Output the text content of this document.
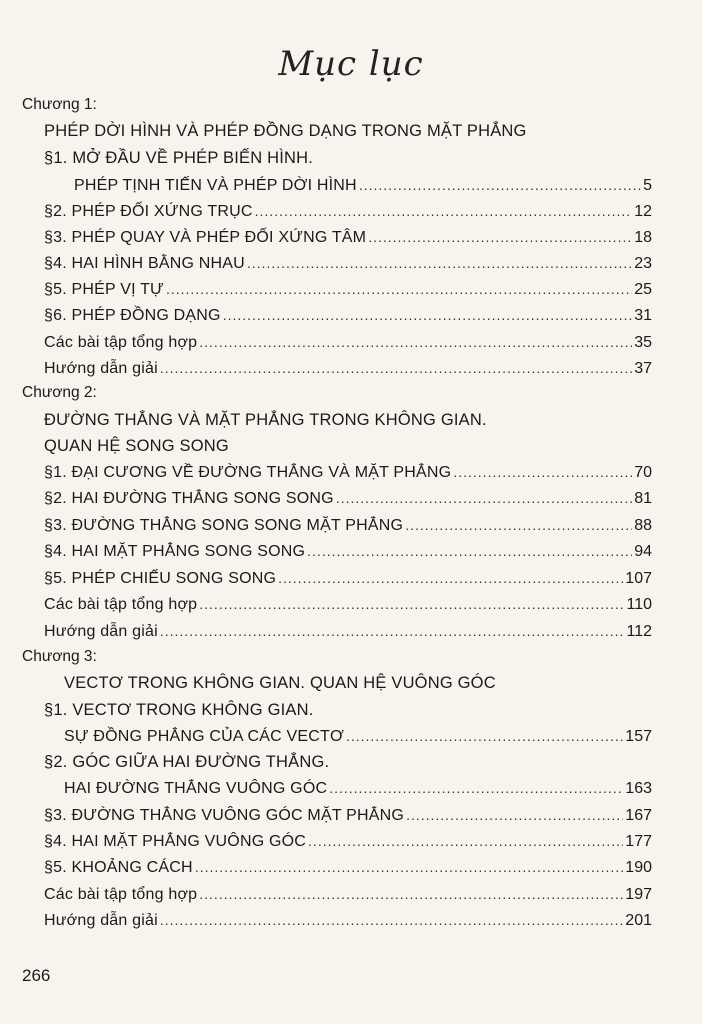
Mục lục
Chương 1:
PHÉP DỜI HÌNH VÀ PHÉP ĐỒNG DẠNG TRONG MẶT PHẲNG
§1. MỞ ĐẦU VỀ PHÉP BIẾN HÌNH.
PHÉP TỊNH TIẾN VÀ PHÉP DỜI HÌNH .....	5
§2. PHÉP ĐỐI XỨNG TRỤC .....	12
§3. PHÉP QUAY VÀ PHÉP ĐỐI XỨNG TÂM .....	18
§4. HAI HÌNH BẰNG NHAU .....	23
§5. PHÉP VỊ TỰ .....	25
§6. PHÉP ĐỒNG DẠNG .....	31
Các bài tập tổng hợp .....	35
Hướng dẫn giải .....	37
Chương 2:
ĐƯỜNG THẲNG VÀ MẶT PHẲNG TRONG KHÔNG GIAN.
QUAN HỆ SONG SONG
§1. ĐẠI CƯƠNG VỀ ĐƯỜNG THẲNG VÀ MẶT PHẲNG .....	70
§2. HAI ĐƯỜNG THẲNG SONG SONG .....	81
§3. ĐƯỜNG THẲNG SONG SONG MẶT PHẲNG .....	88
§4. HAI MẶT PHẲNG SONG SONG .....	94
§5. PHÉP CHIẾU SONG SONG .....	107
Các bài tập tổng hợp .....	110
Hướng dẫn giải .....	112
Chương 3:
VECTƠ TRONG KHÔNG GIAN. QUAN HỆ VUÔNG GÓC
§1. VECTƠ TRONG KHÔNG GIAN.
SỰ ĐỒNG PHẲNG CỦA CÁC VECTƠ .....	157
§2. GÓC GIỮA HAI ĐƯỜNG THẲNG.
HAI ĐƯỜNG THẲNG VUÔNG GÓC .....	163
§3. ĐƯỜNG THẲNG VUÔNG GÓC MẶT PHẲNG .....	167
§4. HAI MẶT PHẲNG VUÔNG GÓC .....	177
§5. KHOẢNG CÁCH .....	190
Các bài tập tổng hợp .....	197
Hướng dẫn giải .....	201
266
